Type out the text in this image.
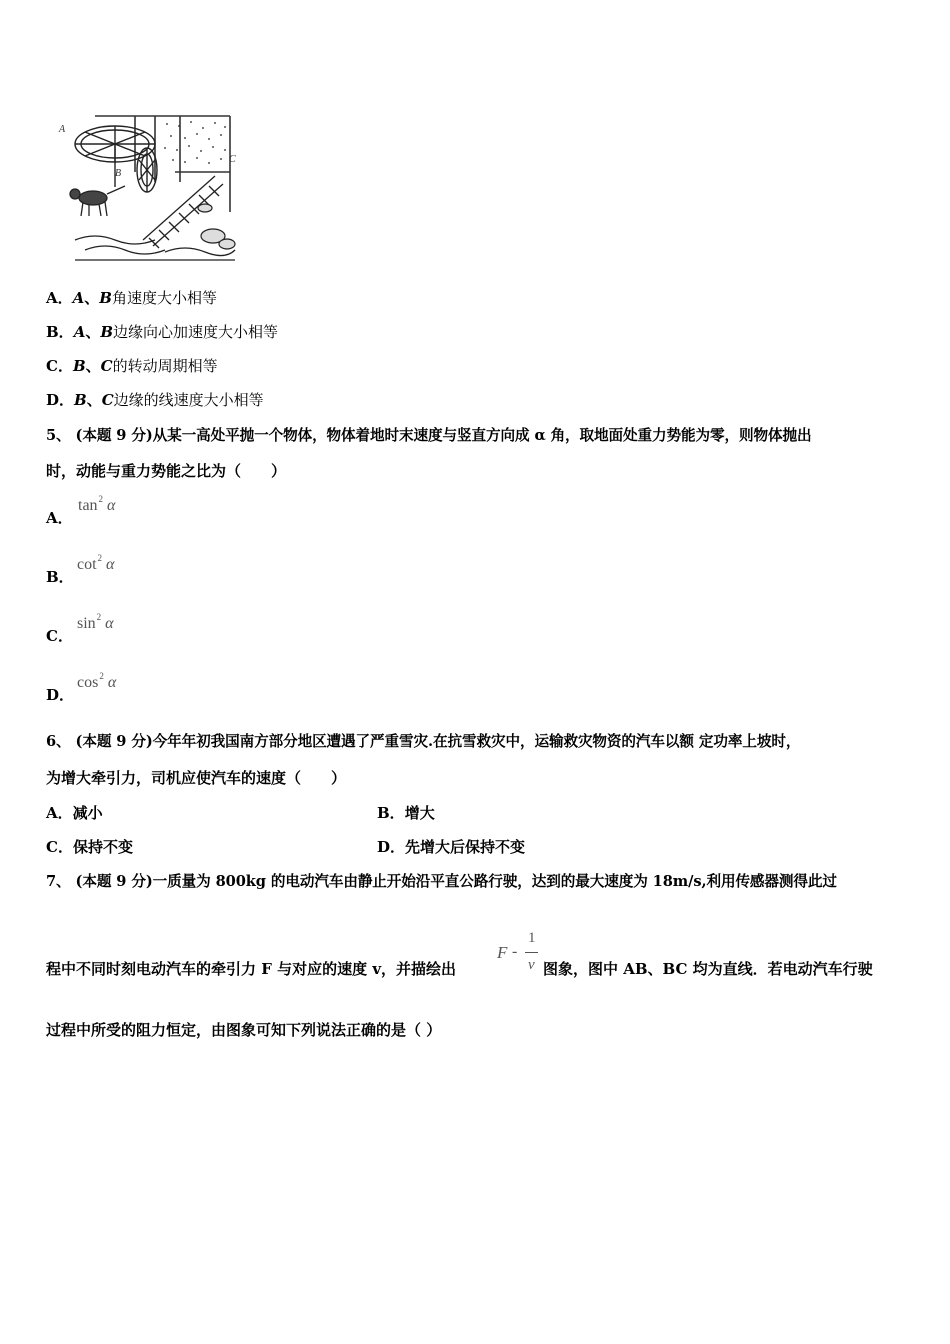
A
B
C
A．A、B角速度大小相等
B．A、B边缘向心加速度大小相等
C．B、C的转动周期相等
D．B、C边缘的线速度大小相等
5、 (本题 9 分)从某一高处平抛一个物体，物体着地时末速度与竖直方向成 α 角，取地面处重力势能为零，则物体抛出
时，动能与重力势能之比为（　　）
A．
$\tan^2 \alpha$
B．
$\cot^2 \alpha$
C．
$\sin^2 \alpha$
D．
$\cos^2 \alpha$
6、 (本题 9 分)今年年初我国南方部分地区遭遇了严重雪灾.在抗雪救灾中，运输救灾物资的汽车以额 定功率上坡时，
为增大牵引力，司机应使汽车的速度（　　）
A．减小	B．增大
C．保持不变	D．先增大后保持不变
7、 (本题 9 分)一质量为 800kg 的电动汽车由静止开始沿平直公路行驶，达到的最大速度为 18m/s,利用传感器测得此过
程中不同时刻电动汽车的牵引力 F 与对应的速度 v，并描绘出
F -
1
v 图象，图中 AB、BC 均为直线．若电动汽车行驶
过程中所受的阻力恒定，由图象可知下列说法正确的是（ ）
